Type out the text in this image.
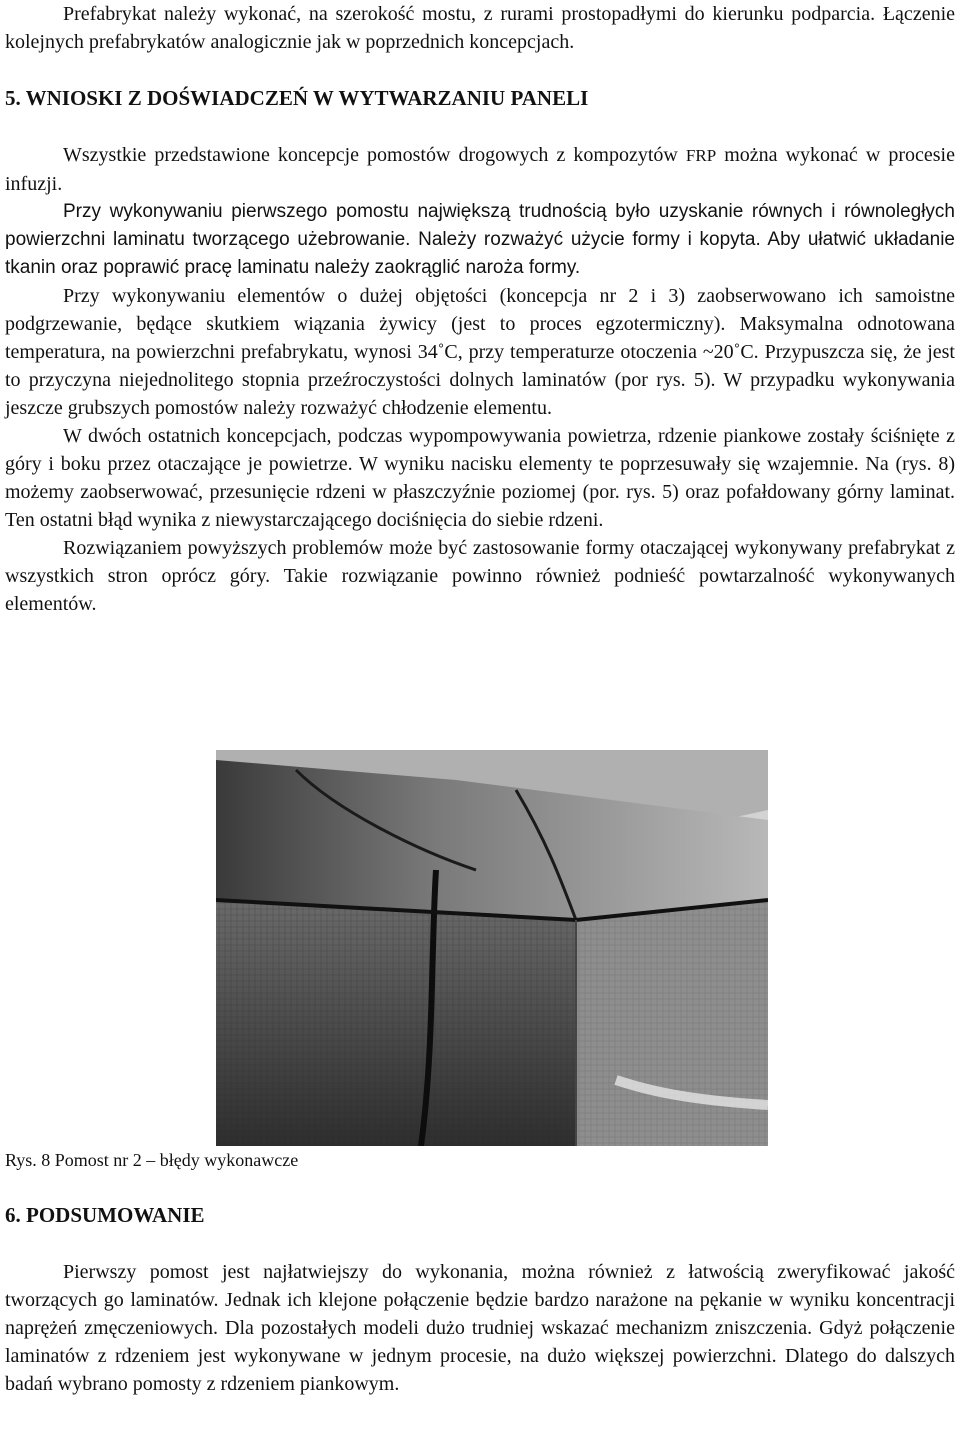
Prefabrykat należy wykonać, na szerokość mostu, z rurami prostopadłymi do kierunku podparcia. Łączenie kolejnych prefabrykatów analogicznie jak w poprzednich koncepcjach.

5. WNIOSKI Z DOŚWIADCZEŃ W WYTWARZANIU PANELI

Wszystkie przedstawione koncepcje pomostów drogowych z kompozytów FRP można wykonać w procesie infuzji.

Przy wykonywaniu pierwszego pomostu największą trudnością było uzyskanie równych i równoległych powierzchni laminatu tworzącego użebrowanie. Należy rozważyć użycie formy i kopyta. Aby ułatwić układanie tkanin oraz poprawić pracę laminatu należy zaokrąglić naroża formy.

Przy wykonywaniu elementów o dużej objętości (koncepcja nr 2 i 3) zaobserwowano ich samoistne podgrzewanie, będące skutkiem wiązania żywicy (jest to proces egzotermiczny). Maksymalna odnotowana temperatura, na powierzchni prefabrykatu, wynosi 34˚C, przy temperaturze otoczenia ~20˚C. Przypuszcza się, że jest to przyczyna niejednolitego stopnia przeźroczystości dolnych laminatów (por rys. 5). W przypadku wykonywania jeszcze grubszych pomostów należy rozważyć chłodzenie elementu.

W dwóch ostatnich koncepcjach, podczas wypompowywania powietrza, rdzenie piankowe zostały ściśnięte z góry i boku przez otaczające je powietrze. W wyniku nacisku elementy te poprzesuwały się wzajemnie. Na (rys. 8) możemy zaobserwować, przesunięcie rdzeni w płaszczyźnie poziomej (por. rys. 5) oraz pofałdowany górny laminat. Ten ostatni błąd wynika z niewystarczającego dociśnięcia do siebie rdzeni.

Rozwiązaniem powyższych problemów może być zastosowanie formy otaczającej wykonywany prefabrykat z wszystkich stron oprócz góry. Takie rozwiązanie powinno również podnieść powtarzalność wykonywanych elementów.

Rys. 8 Pomost nr 2 – błędy wykonawcze

6. PODSUMOWANIE

Pierwszy pomost jest najłatwiejszy do wykonania, można również z łatwością zweryfikować jakość tworzących go laminatów. Jednak ich klejone połączenie będzie bardzo narażone na pękanie w wyniku koncentracji naprężeń zmęczeniowych. Dla pozostałych modeli dużo trudniej wskazać mechanizm zniszczenia. Gdyż połączenie laminatów z rdzeniem jest wykonywane w jednym procesie, na dużo większej powierzchni. Dlatego do dalszych badań wybrano pomosty z rdzeniem piankowym.
